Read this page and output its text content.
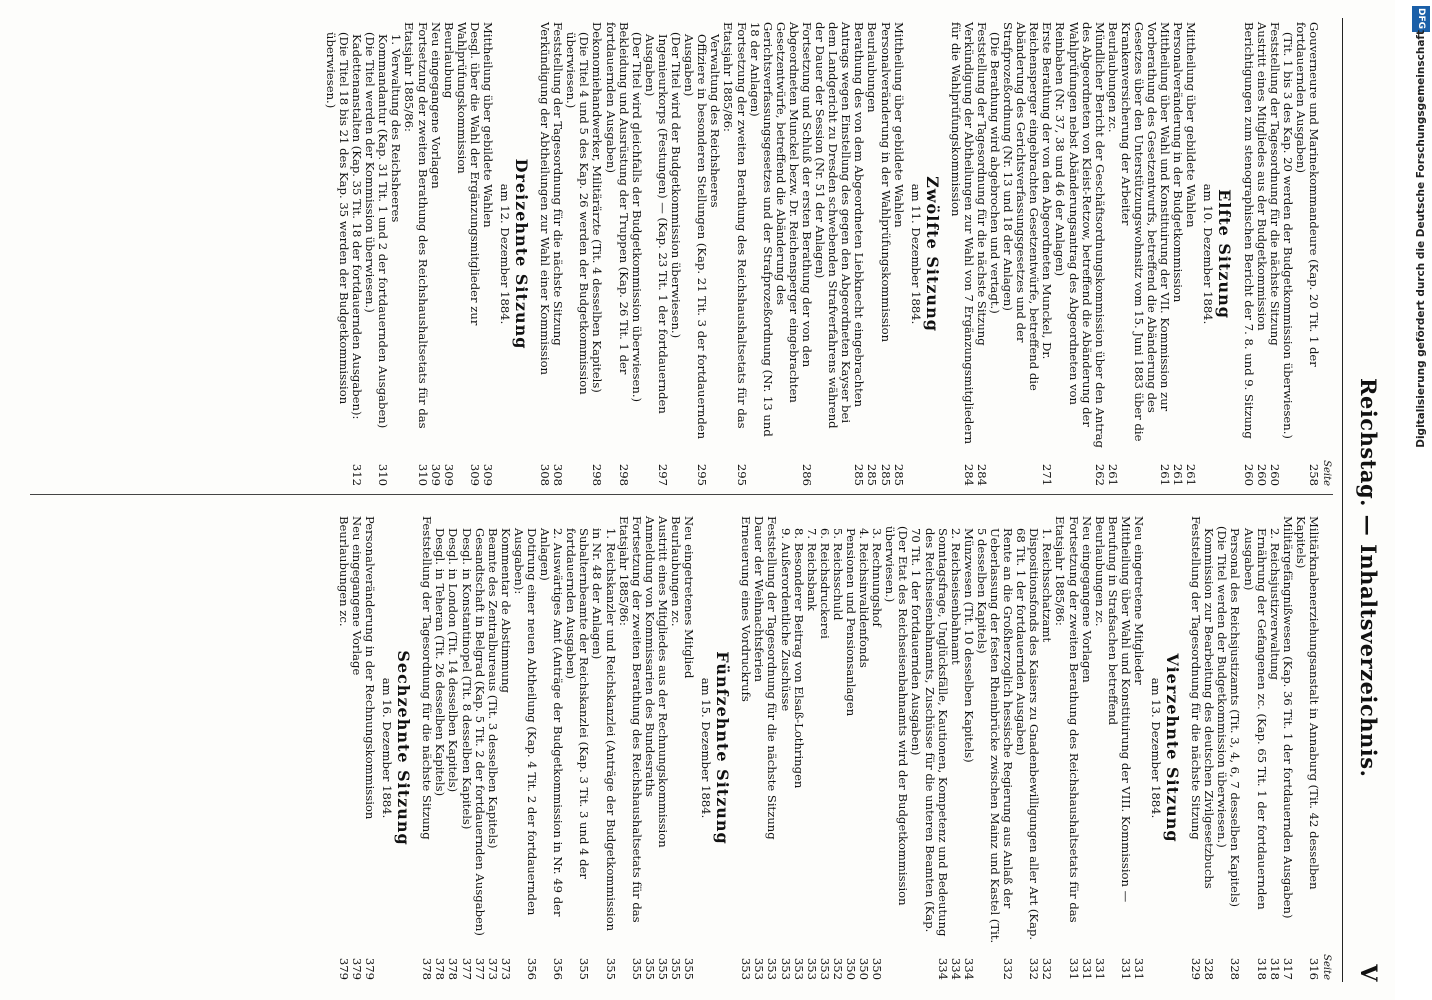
Reichstag. — Inhaltsverzeichnis.
V
Seite
Gouverneure und Marinekommandeure (Kap. 20 Tit. 1 der fortdauernden Ausgaben)
258
(Tit. 1 bis 3 des Kap. 20 werden der Budgetkommission überwiesen.)
Feststellung der Tagesordnung für die nächste Sitzung
260
Austritt eines Mitgliedes aus der Budgetkommission
260
Berichtigungen zum stenographischen Bericht der 7. 8. und 9. Sitzung
260
Elfte Sitzung
am 10. Dezember 1884.
Mittheilung über gebildete Wahlen
261
Personalveränderung in der Budgetkommission
261
Mittheilung über Wahl und Konstituirung der VII. Kommission zur Vorberathung des Gesetzentwurfs, betreffend die Abänderung des Gesetzes über den Unterstützungswohnsitz vom 15. Juni 1883 über die Krankenversicherung der Arbeiter
261
Beurlaubungen zc.
261
Mündlicher Bericht der Geschäftsordnungskommission über den Antrag des Abgeordneten von Kleist-Retzow, betreffend die Abänderung der Wahlprüfungen nebst Abänderungsantrag des Abgeordneten von Reinbaben (Nr. 37, 38 und 46 der Anlagen)
262
Erste Berathung der von den Abgeordneten Munckel, Dr. Reichensperger eingebrachten Gesetzentwürfe, betreffend die Abänderung des Gerichtsverfassungsgesetzes und der Strafprozeßordnung (Nr. 13 und 18 der Anlagen)
271
(Die Berathung wird abgebrochen und vertagt.)
Feststellung der Tagesordnung für die nächste Sitzung
284
Verkündigung der Abtheilungen zur Wahl von 7 Ergänzungsmitgliedern für die Wahlprüfungskommission
284
Zwölfte Sitzung
am 11. Dezember 1884.
Mittheilung über gebildete Wahlen
285
Personalveränderung in der Wahlprüfungskommission
285
Beurlaubungen
285
Berathung des von dem Abgeordneten Liebknecht eingebrachten Antrags wegen Einstellung des gegen den Abgeordneten Kayser bei dem Landgericht zu Dresden schwebenden Strafverfahrens während der Dauer der Session (Nr. 51 der Anlagen)
285
Fortsetzung und Schluß der ersten Berathung der von den Abgeordneten Munckel bezw. Dr. Reichensperger eingebrachten Gesetzentwürfe, betreffend die Abänderung des Gerichtsverfassungsgesetzes und der Strafprozeßordnung (Nr. 13 und 18 der Anlagen)
286
Fortsetzung der zweiten Berathung des Reichshaushaltsetats für das Etatsjahr 1885/86:
295
Verwaltung des Reichsheeres
Offiziere in besonderen Stellungen (Kap. 21 Tit. 3 der fortdauernden Ausgaben)
295
(Der Titel wird der Budgetkommission überwiesen.)
Ingenieurkorps (Festungen) — (Kap. 23 Tit. 1 der fortdauernden Ausgaben)
297
(Der Titel wird gleichfalls der Budgetkommission überwiesen.)
Bekleidung und Ausrüstung der Truppen (Kap. 26 Tit. 1 der fortdauernden Ausgaben)
298
Dekonomiehandwerker, Militärärzte (Tit. 4 desselben Kapitels)
298
(Die Titel 4 und 5 des Kap. 26 werden der Budgetkommission überwiesen.)
Feststellung der Tagesordnung für die nächste Sitzung
308
Verkündigung der Abtheilungen zur Wahl einer Kommission
308
Dreizehnte Sitzung
am 12. Dezember 1884.
Mittheilung über gebildete Wahlen
309
Desgl. über die Wahl der Ergänzungsmitglieder zur Wahlprüfungskommission
309
Beurlaubung
309
Neu eingegangene Vorlagen
309
Fortsetzung der zweiten Berathung des Reichshaushaltsetats für das Etatsjahr 1885/86:
310
1. Verwaltung des Reichsheeres
Kommandantur (Kap. 31 Tit. 1 und 2 der fortdauernden Ausgaben)
310
(Die Titel werden der Kommission überwiesen.)
Kadettenanstalten (Kap. 35 Tit. 18 der fortdauernden Ausgaben):
312
(Die Titel 18 bis 21 des Kap. 35 werden der Budgetkommission überwiesen.)
Seite
Militärknabenerziehungsanstalt in Annaburg (Tit. 42 desselben Kapitels)
316
Militärgefängnißwesen (Kap. 36 Tit. 1 der fortdauernden Ausgaben)
317
2. Reichsjustizverwaltung
318
Ernährung der Gefangenen zc. (Kap. 65 Tit. 1 der fortdauernden Ausgaben)
318
Personal des Reichsjustizamts (Tit. 3, 4, 6, 7 desselben Kapitels)
328
(Die Titel werden der Budgetkommission überwiesen.)
Kommission zur Bearbeitung des deutschen Zivilgesetzbuchs
328
Feststellung der Tagesordnung für die nächste Sitzung
329
Vierzehnte Sitzung
am 13. Dezember 1884.
Neu eingetretene Mitglieder
331
Mittheilung über Wahl und Konstituirung der VIII. Kommission — Berufung in Strafsachen betreffend
331
Beurlaubungen zc.
331
Neu eingegangene Vorlagen
331
Fortsetzung der zweiten Berathung des Reichshaushaltsetats für das Etatsjahr 1885/86:
331
1. Reichsschatzamt
332
Dispositionsfonds des Kaisers zu Gnadenbewilligungen aller Art (Kap. 68 Tit. 1 der fortdauernden Ausgaben)
332
Rente an die Großherzoglich hessische Regierung aus Anlaß der Ueberlassung der festen Rheinbrücke zwischen Mainz und Kastel (Tit. 5 desselben Kapitels)
332
Münzwesen (Tit. 10 desselben Kapitels)
334
2. Reichseisenbahnamt
334
Sonntagsfrage, Unglücksfälle, Kautionen, Kompetenz und Bedeutung des Reichseisenbahnamts, Zuschüsse für die unteren Beamten (Kap. 70 Tit. 1 der fortdauernden Ausgaben)
334
(Der Etat des Reichseisenbahnamts wird der Budgetkommission überwiesen.)
3. Rechnungshof
350
4. Reichsinvalidenfonds
350
Pensionen und Pensionsanlagen
350
5. Reichsschuld
352
6. Reichsdruckerei
353
7. Reichsbank
353
8. Besonderer Beitrag von Elsaß-Lothringen
353
9. Außerordentliche Zuschüsse
353
Feststellung der Tagesordnung für die nächste Sitzung
353
Dauer der Weihnachtsferien
353
Erneuerung eines Vordruckrufs
353
Fünfzehnte Sitzung
am 15. Dezember 1884.
Neu eingetretenes Mitglied
355
Beurlaubungen zc.
355
Austritt eines Mitgliedes aus der Rechnungskommission
355
Anmeldung von Kommissarien des Bundesraths
355
Fortsetzung der zweiten Berathung des Reichshaushaltsetats für das Etatsjahr 1885/86:
355
1. Reichskanzler und Reichskanzlei (Anträge der Budgetkommission in Nr. 48 der Anlagen)
355
Subalternbeamte der Reichskanzlei (Kap. 3 Tit. 3 und 4 der fortdauernden Ausgaben)
355
2. Auswärtiges Amt (Anträge der Budgetkommission in Nr. 49 der Anlagen)
356
Dotirung einer neuen Abtheilung (Kap. 4 Tit. 2 der fortdauernden Ausgaben):
356
Kommentar de Abstimmung
373
Beamte des Zentralbureaus (Tit. 3 desselben Kapitels)
373
Gesandtschaft in Belgrad (Kap. 5 Tit. 2 der fortdauernden Ausgaben)
377
Desgl. in Konstantinopel (Tit. 8 desselben Kapitels)
377
Desgl. in London (Tit. 14 desselben Kapitels)
378
Desgl. in Teheran (Tit. 26 desselben Kapitels)
378
Feststellung der Tagesordnung für die nächste Sitzung
378
Sechzehnte Sitzung
am 16. Dezember 1884.
Personalveränderung in der Rechnungskommission
379
Neu eingegangene Vorlage
379
Beurlaubungen zc.
379
DFG
Digitalisierung gefördert durch die Deutsche Forschungsgemeinschaft
